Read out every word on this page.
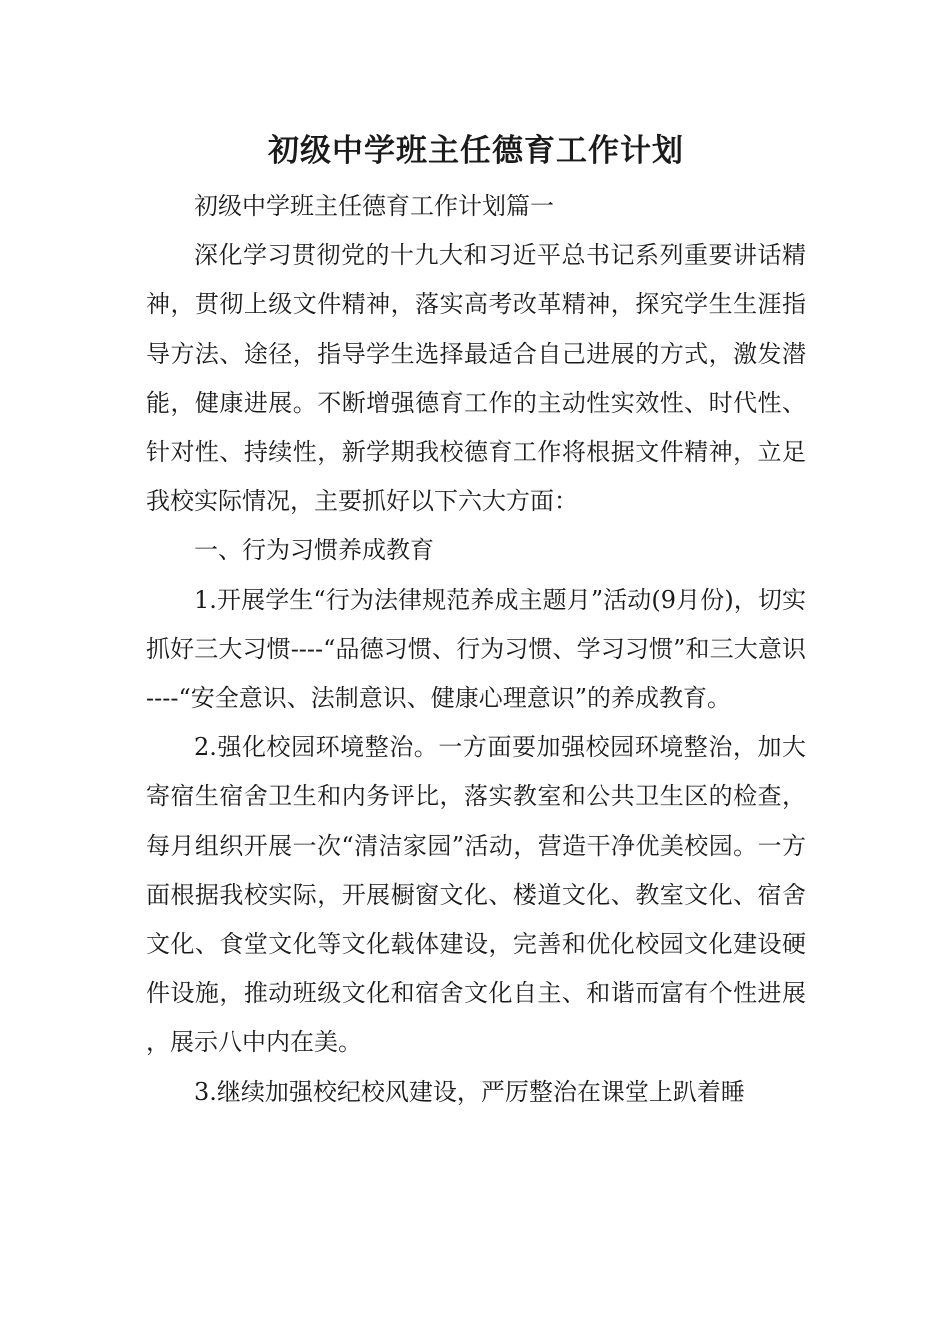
初级中学班主任德育工作计划

初级中学班主任德育工作计划篇一

深化学习贯彻党的十九大和习近平总书记系列重要讲话精神，贯彻上级文件精神，落实高考改革精神，探究学生生涯指导方法、途径，指导学生选择最适合自己进展的方式，激发潜能，健康进展。不断增强德育工作的主动性实效性、时代性、针对性、持续性，新学期我校德育工作将根据文件精神，立足我校实际情况，主要抓好以下六大方面：

一、行为习惯养成教育

1.开展学生“行为法律规范养成主题月”活动(9月份)，切实抓好三大习惯----“品德习惯、行为习惯、学习习惯”和三大意识----“安全意识、法制意识、健康心理意识”的养成教育。

2.强化校园环境整治。一方面要加强校园环境整治，加大寄宿生宿舍卫生和内务评比，落实教室和公共卫生区的检查，每月组织开展一次“清洁家园”活动，营造干净优美校园。一方面根据我校实际，开展橱窗文化、楼道文化、教室文化、宿舍文化、食堂文化等文化载体建设，完善和优化校园文化建设硬件设施，推动班级文化和宿舍文化自主、和谐而富有个性进展，展示八中内在美。

3.继续加强校纪校风建设，严厉整治在课堂上趴着睡
